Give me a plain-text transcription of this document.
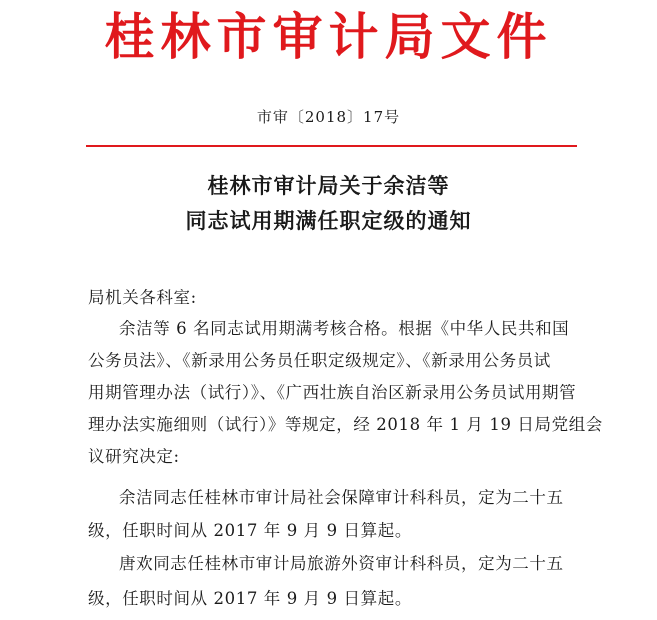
桂林市审计局文件
市审〔2018〕17号
桂林市审计局关于余洁等
同志试用期满任职定级的通知
局机关各科室:
余洁等 6 名同志试用期满考核合格。根据《中华人民共和国
公务员法》、《新录用公务员任职定级规定》、《新录用公务员试
用期管理办法（试行）》、《广西壮族自治区新录用公务员试用期管
理办法实施细则（试行）》等规定，经 2018 年 1 月 19 日局党组会
议研究决定:
余洁同志任桂林市审计局社会保障审计科科员，定为二十五
级，任职时间从 2017 年 9 月 9 日算起。
唐欢同志任桂林市审计局旅游外资审计科科员，定为二十五
级，任职时间从 2017 年 9 月 9 日算起。
